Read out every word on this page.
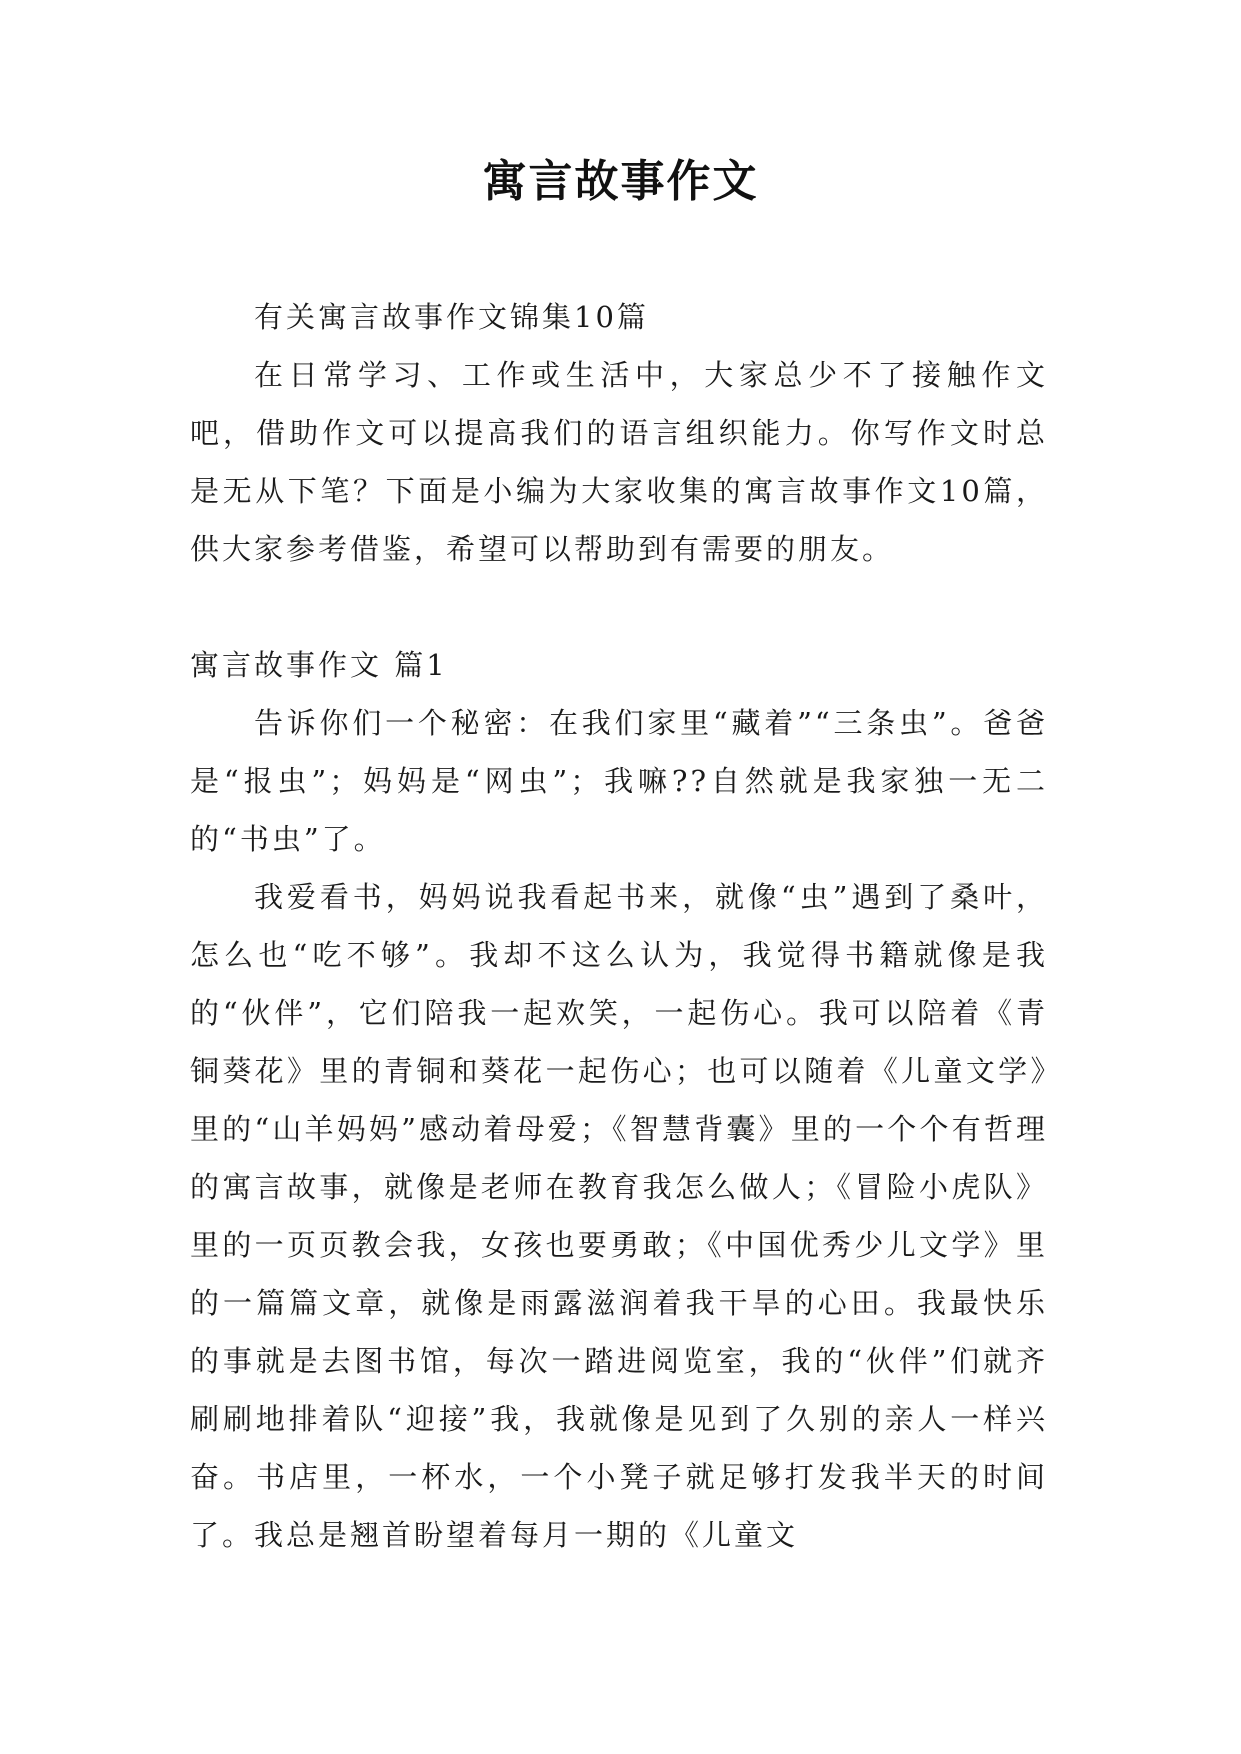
寓言故事作文

有关寓言故事作文锦集10篇

在日常学习、工作或生活中，大家总少不了接触作文吧，借助作文可以提高我们的语言组织能力。你写作文时总是无从下笔？下面是小编为大家收集的寓言故事作文10篇，供大家参考借鉴，希望可以帮助到有需要的朋友。

寓言故事作文 篇1

告诉你们一个秘密：在我们家里“藏着”“三条虫”。爸爸是“报虫”；妈妈是“网虫”；我嘛??自然就是我家独一无二的“书虫”了。

我爱看书，妈妈说我看起书来，就像“虫”遇到了桑叶，怎么也“吃不够”。我却不这么认为，我觉得书籍就像是我的“伙伴”，它们陪我一起欢笑，一起伤心。我可以陪着《青铜葵花》里的青铜和葵花一起伤心；也可以随着《儿童文学》里的“山羊妈妈”感动着母爱；《智慧背囊》里的一个个有哲理的寓言故事，就像是老师在教育我怎么做人；《冒险小虎队》里的一页页教会我，女孩也要勇敢；《中国优秀少儿文学》里的一篇篇文章，就像是雨露滋润着我干旱的心田。我最快乐的事就是去图书馆，每次一踏进阅览室，我的“伙伴”们就齐刷刷地排着队“迎接”我，我就像是见到了久别的亲人一样兴奋。书店里，一杯水，一个小凳子就足够打发我半天的时间了。我总是翘首盼望着每月一期的《儿童文
